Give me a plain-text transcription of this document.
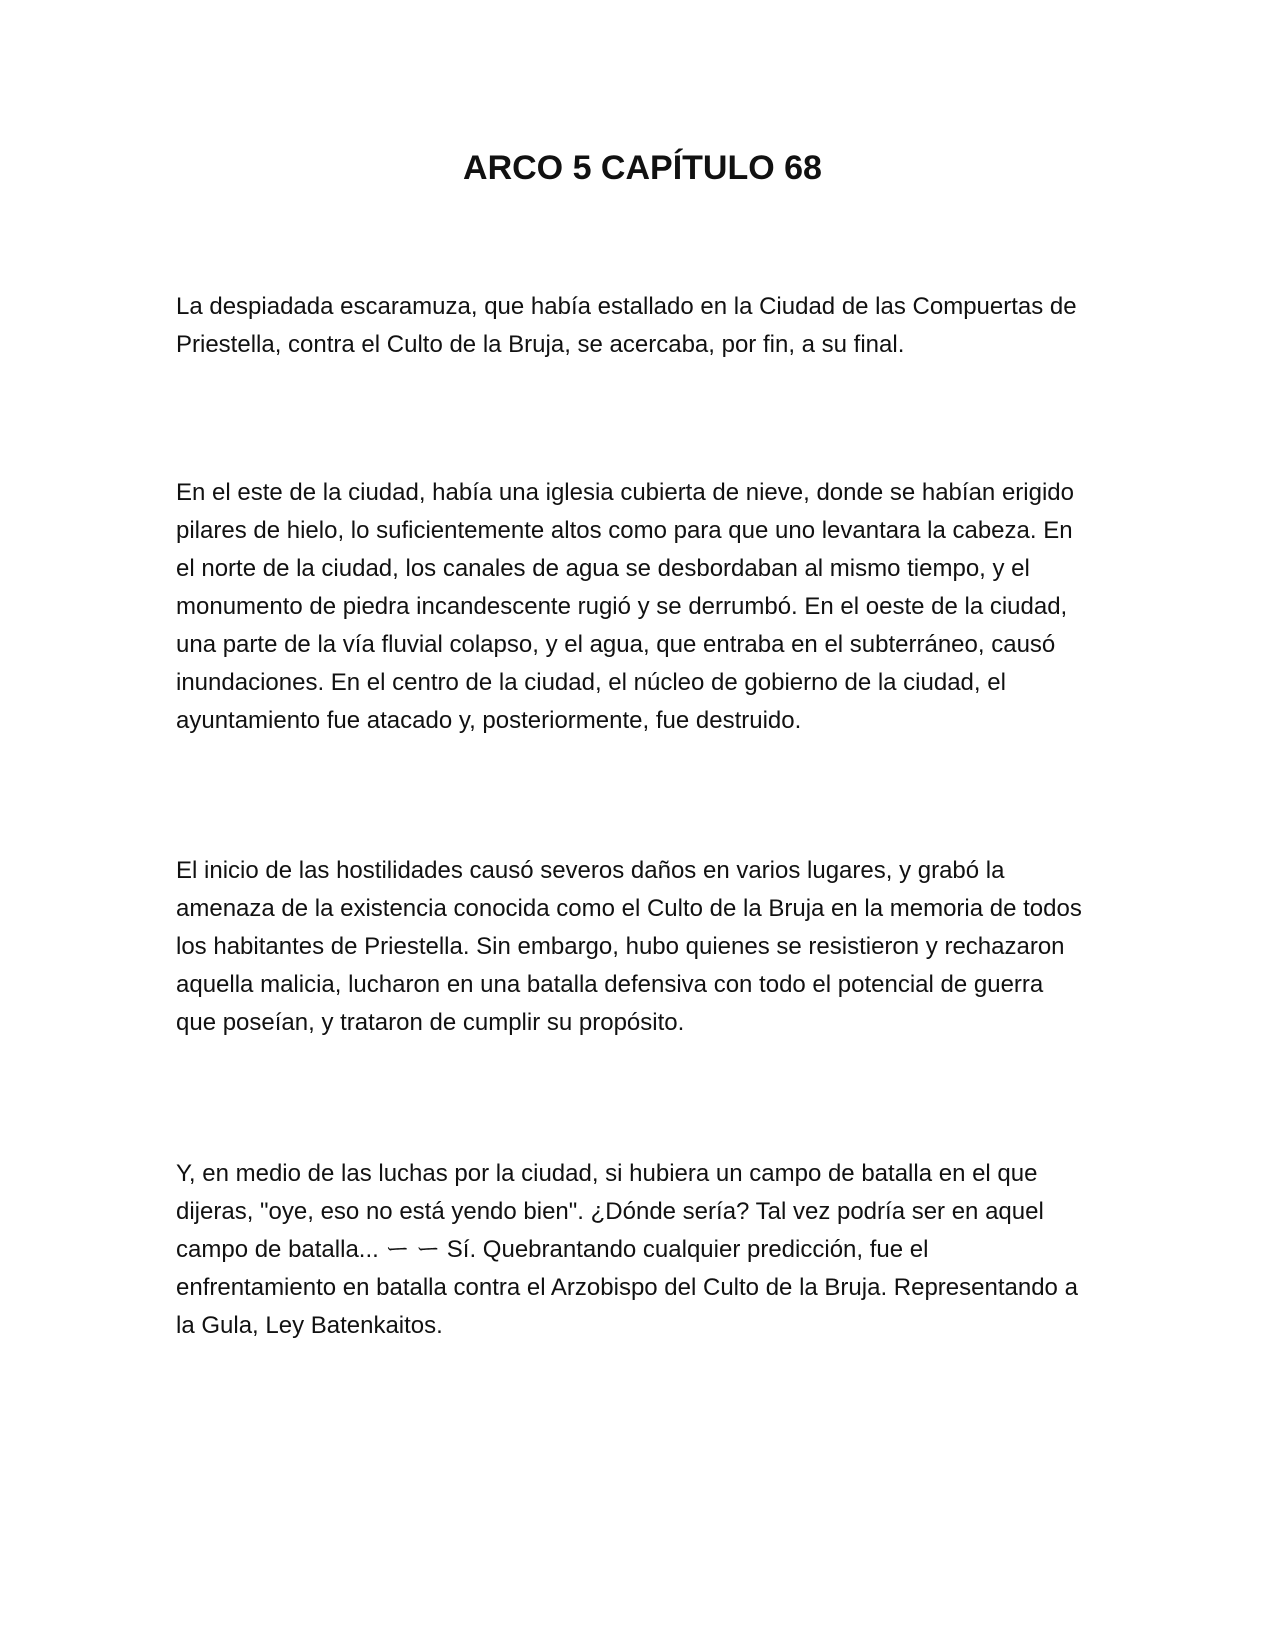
ARCO 5 CAPÍTULO 68

La despiadada escaramuza, que había estallado en la Ciudad de las Compuertas de Priestella, contra el Culto de la Bruja, se acercaba, por fin, a su final.

En el este de la ciudad, había una iglesia cubierta de nieve, donde se habían erigido pilares de hielo, lo suficientemente altos como para que uno levantara la cabeza. En el norte de la ciudad, los canales de agua se desbordaban al mismo tiempo, y el monumento de piedra incandescente rugió y se derrumbó. En el oeste de la ciudad, una parte de la vía fluvial colapso, y el agua, que entraba en el subterráneo, causó inundaciones. En el centro de la ciudad, el núcleo de gobierno de la ciudad, el ayuntamiento fue atacado y, posteriormente, fue destruido.

El inicio de las hostilidades causó severos daños en varios lugares, y grabó la amenaza de la existencia conocida como el Culto de la Bruja en la memoria de todos los habitantes de Priestella. Sin embargo, hubo quienes se resistieron y rechazaron aquella malicia, lucharon en una batalla defensiva con todo el potencial de guerra que poseían, y trataron de cumplir su propósito.

Y, en medio de las luchas por la ciudad, si hubiera un campo de batalla en el que dijeras, "oye, eso no está yendo bien". ¿Dónde sería? Tal vez podría ser en aquel campo de batalla... ー ー Sí. Quebrantando cualquier predicción, fue el enfrentamiento en batalla contra el Arzobispo del Culto de la Bruja. Representando a la Gula, Ley Batenkaitos.
